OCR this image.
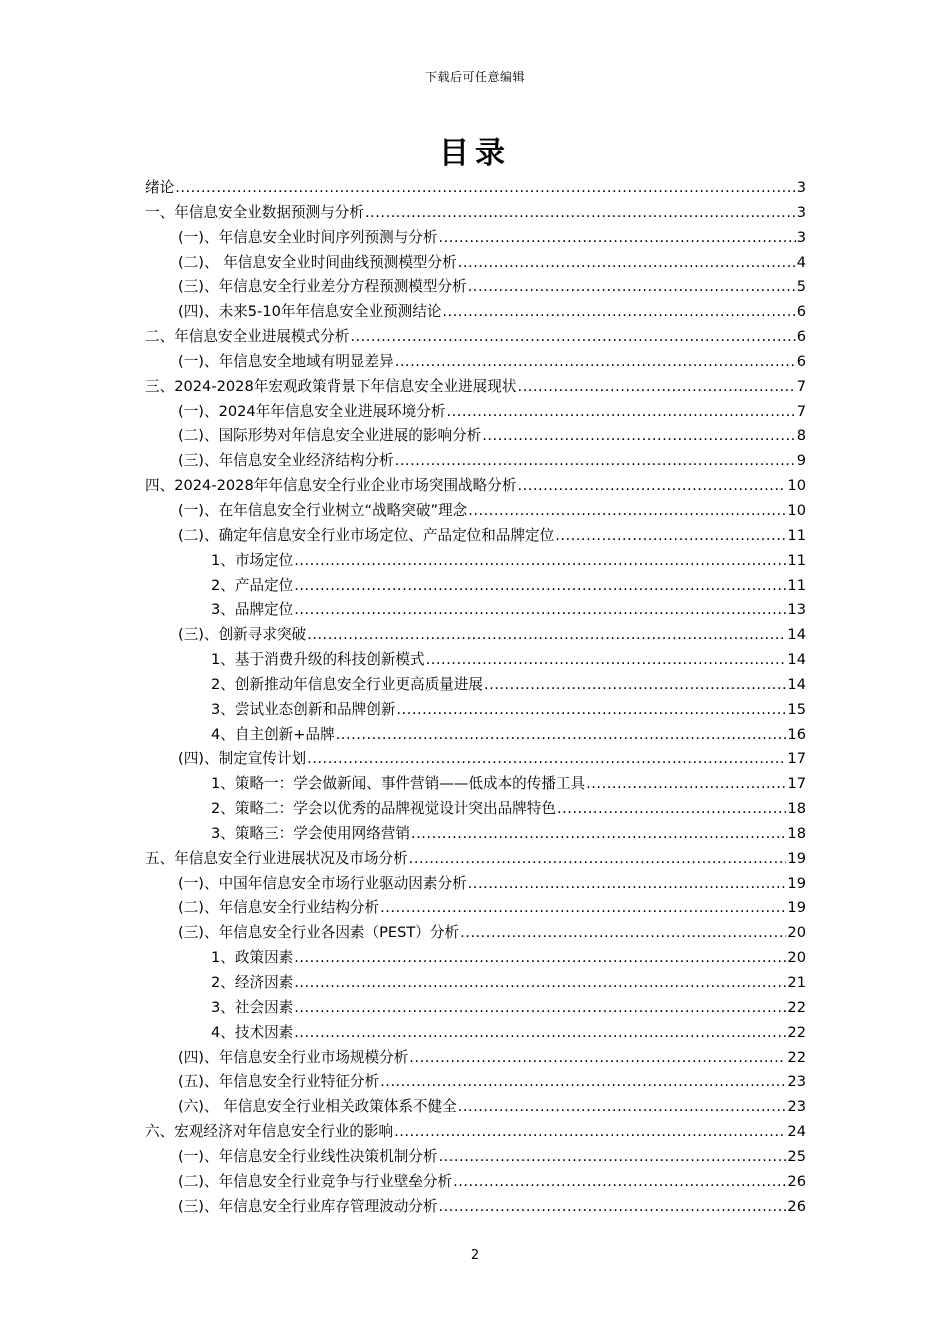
下载后可任意编辑
目录
绪论 .....	3
一、年信息安全业数据预测与分析 .....	3
(一)、年信息安全业时间序列预测与分析 .....	3
(二)、 年信息安全业时间曲线预测模型分析 .....	4
(三)、年信息安全行业差分方程预测模型分析 .....	5
(四)、未来5-10年年信息安全业预测结论 .....	6
二、年信息安全业进展模式分析 .....	6
(一)、年信息安全地域有明显差异 .....	6
三、2024-2028年宏观政策背景下年信息安全业进展现状 .....	7
(一)、2024年年信息安全业进展环境分析 .....	7
(二)、国际形势对年信息安全业进展的影响分析 .....	8
(三)、年信息安全业经济结构分析 .....	9
四、2024-2028年年信息安全行业企业市场突围战略分析 .....	10
(一)、在年信息安全行业树立“战略突破”理念 .....	10
(二)、确定年信息安全行业市场定位、产品定位和品牌定位 .....	11
1、市场定位 .....	11
2、产品定位 .....	11
3、品牌定位 .....	13
(三)、创新寻求突破 .....	14
1、基于消费升级的科技创新模式 .....	14
2、创新推动年信息安全行业更高质量进展 .....	14
3、尝试业态创新和品牌创新 .....	15
4、自主创新+品牌 .....	16
(四)、制定宣传计划 .....	17
1、策略一：学会做新闻、事件营销——低成本的传播工具 .....	17
2、策略二：学会以优秀的品牌视觉设计突出品牌特色 .....	18
3、策略三：学会使用网络营销 .....	18
五、年信息安全行业进展状况及市场分析 .....	19
(一)、中国年信息安全市场行业驱动因素分析 .....	19
(二)、年信息安全行业结构分析 .....	19
(三)、年信息安全行业各因素（PEST）分析 .....	20
1、政策因素 .....	20
2、经济因素 .....	21
3、社会因素 .....	22
4、技术因素 .....	22
(四)、年信息安全行业市场规模分析 .....	22
(五)、年信息安全行业特征分析 .....	23
(六)、 年信息安全行业相关政策体系不健全 .....	23
六、宏观经济对年信息安全行业的影响 .....	24
(一)、年信息安全行业线性决策机制分析 .....	25
(二)、年信息安全行业竞争与行业壁垒分析 .....	26
(三)、年信息安全行业库存管理波动分析 .....	26
2
